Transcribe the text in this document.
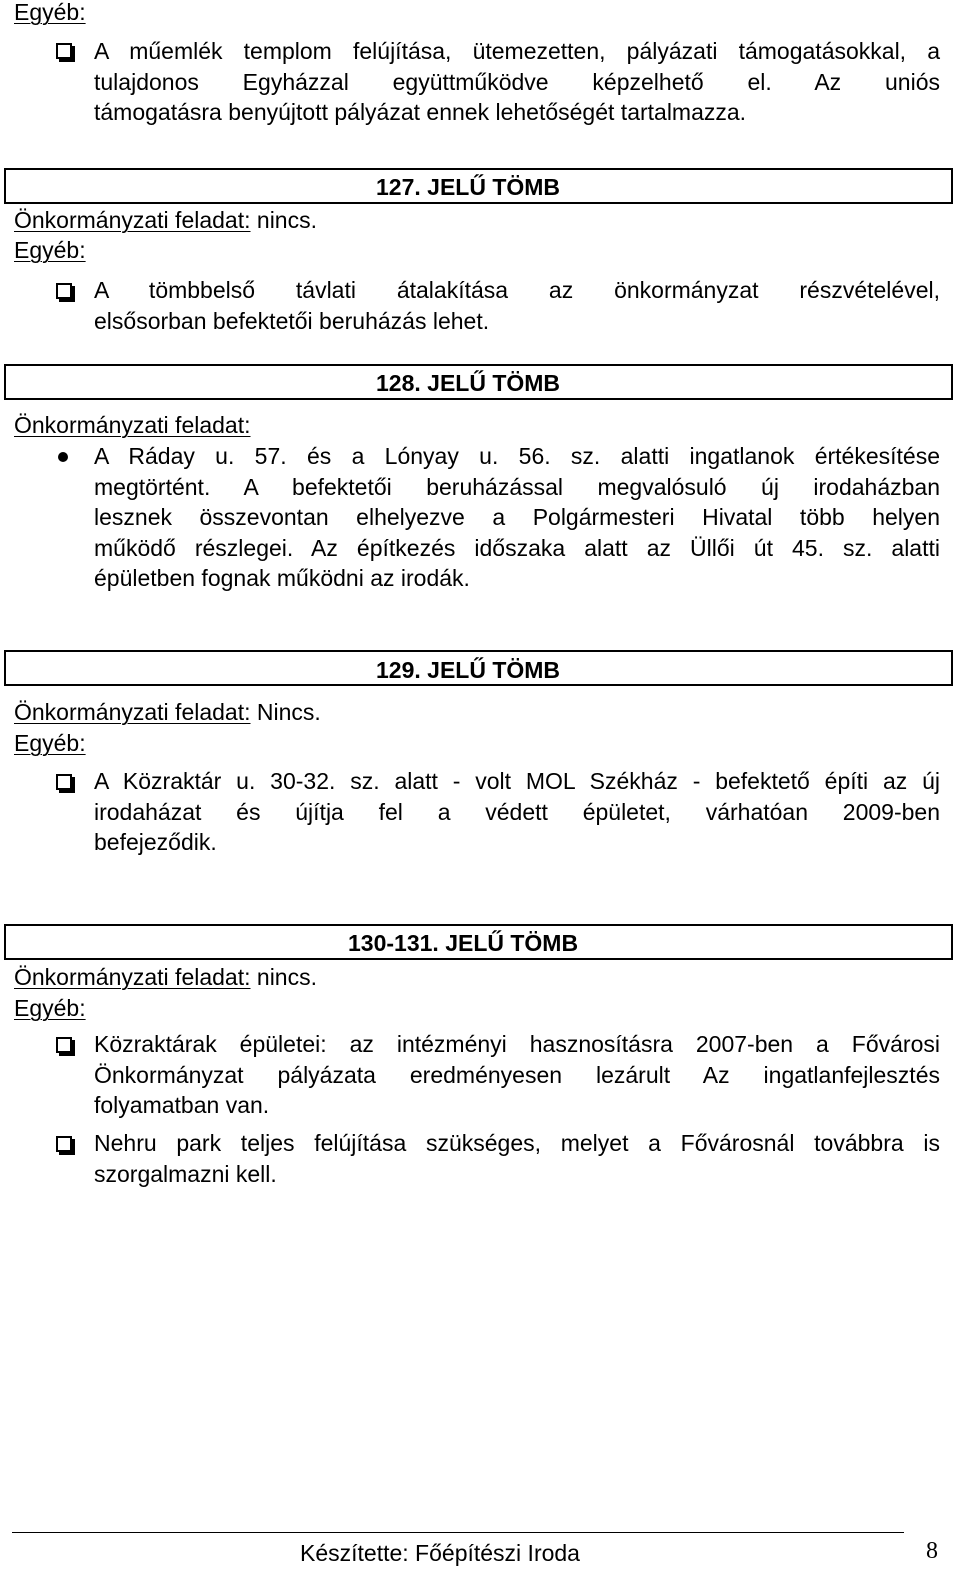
Egyéb:
A műemlék templom felújítása, ütemezetten, pályázati támogatásokkal, a
tulajdonos Egyházzal együttműködve képzelhető el. Az uniós
támogatásra benyújtott pályázat ennek lehetőségét tartalmazza.
127. JELŰ TÖMB
Önkormányzati feladat: nincs.
Egyéb:
A tömbbelső távlati átalakítása az önkormányzat részvételével,
elsősorban befektetői beruházás lehet.
128. JELŰ TÖMB
Önkormányzati feladat:
A Ráday u. 57. és a Lónyay u. 56. sz. alatti ingatlanok értékesítése
megtörtént. A befektetői beruházással megvalósuló új irodaházban
lesznek összevontan elhelyezve a Polgármesteri Hivatal több helyen
működő részlegei. Az építkezés időszaka alatt az Üllői út 45. sz. alatti
épületben fognak működni az irodák.
129. JELŰ TÖMB
Önkormányzati feladat: Nincs.
Egyéb:
A Közraktár u. 30-32. sz. alatt - volt MOL Székház - befektető építi az új
irodaházat és újítja fel a védett épületet, várhatóan 2009-ben
befejeződik.
130-131. JELŰ TÖMB
Önkormányzati feladat: nincs.
Egyéb:
Közraktárak épületei: az intézményi hasznosításra 2007-ben a Fővárosi
Önkormányzat pályázata eredményesen lezárult Az ingatlanfejlesztés
folyamatban van.
Nehru park teljes felújítása szükséges, melyet a Fővárosnál továbbra is
szorgalmazni kell.
Készítette: Főépítészi Iroda	8
